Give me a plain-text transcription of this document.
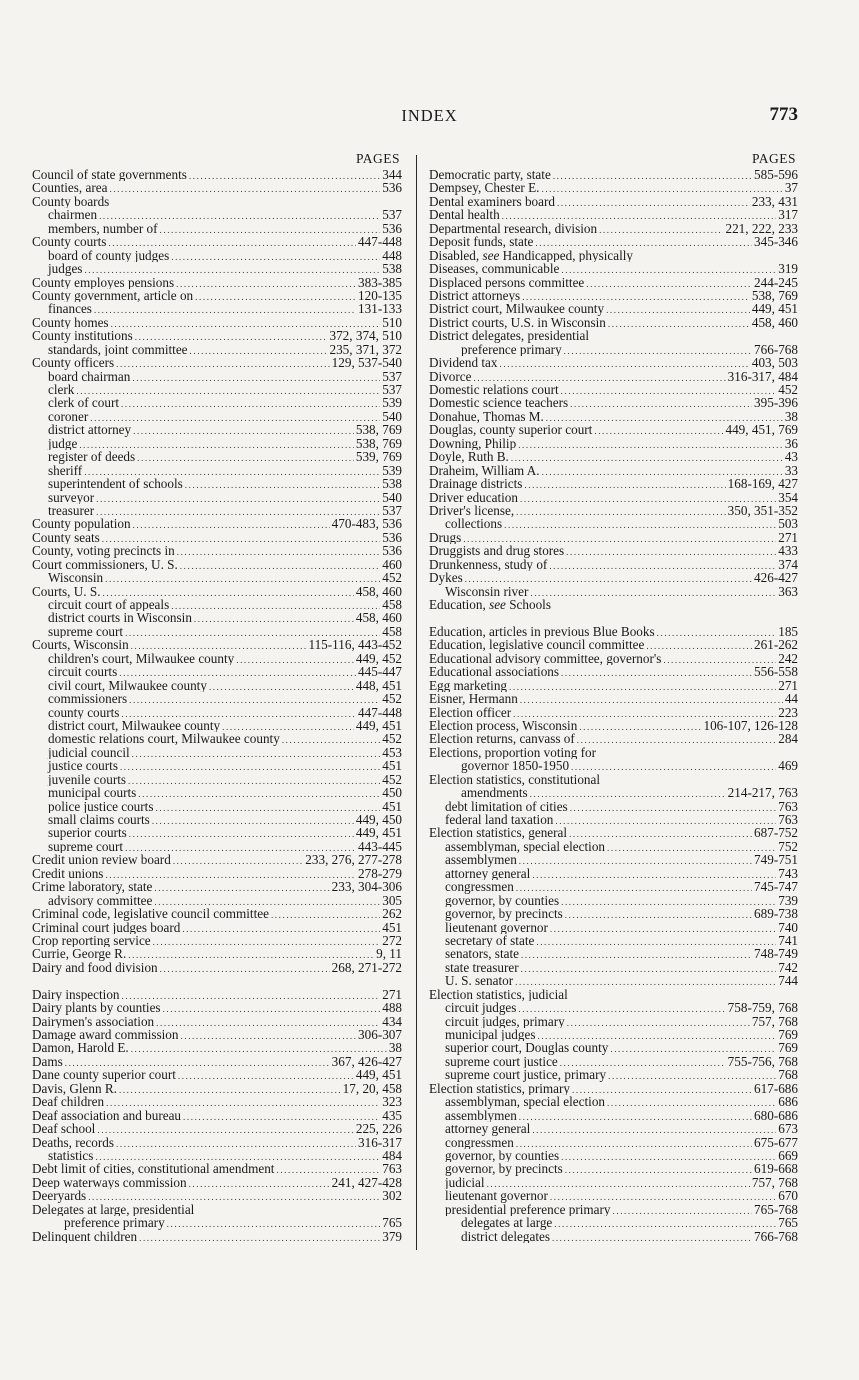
INDEX	773
PAGES
Council of state governments .....	344
Counties, area .....	536
County boards
chairmen .....	537
members, number of .....	536
County courts .....	447-448
board of county judges .....	448
judges .....	538
County employes pensions .....	383-385
County government, article on .....	120-135
finances .....	131-133
County homes .....	510
County institutions .....	372, 374, 510
standards, joint committee .....	235, 371, 372
County officers .....	129, 537-540
board chairman .....	537
clerk .....	537
clerk of court .....	539
coroner .....	540
district attorney .....	538, 769
judge .....	538, 769
register of deeds .....	539, 769
sheriff .....	539
superintendent of schools .....	538
surveyor .....	540
treasurer .....	537
County population .....	470-483, 536
County seats .....	536
County, voting precincts in .....	536
Court commissioners, U. S. .....	460
Wisconsin .....	452
Courts, U. S. .....	458, 460
circuit court of appeals .....	458
district courts in Wisconsin .....	458, 460
supreme court .....	458
Courts, Wisconsin .....	115-116, 443-452
children's court, Milwaukee county .....	449, 452
circuit courts .....	445-447
civil court, Milwaukee county .....	448, 451
commissioners .....	452
county courts .....	447-448
district court, Milwaukee county .....	449, 451
domestic relations court, Milwaukee county .....	452
judicial council .....	453
justice courts .....	451
juvenile courts .....	452
municipal courts .....	450
police justice courts .....	451
small claims courts .....	449, 450
superior courts .....	449, 451
supreme court .....	443-445
Credit union review board .....	233, 276, 277-278
Credit unions .....	278-279
Crime laboratory, state .....	233, 304-306
advisory committee .....	305
Criminal code, legislative council committee .....	262
Criminal court judges board .....	451
Crop reporting service .....	272
Currie, George R. .....	9, 11
Dairy and food division .....	268, 271-272
Dairy inspection .....	271
Dairy plants by counties .....	488
Dairymen's association .....	434
Damage award commission .....	306-307
Damon, Harold E. .....	38
Dams .....	367, 426-427
Dane county superior court .....	449, 451
Davis, Glenn R. .....	17, 20, 458
Deaf children .....	323
Deaf association and bureau .....	435
Deaf school .....	225, 226
Deaths, records .....	316-317
statistics .....	484
Debt limit of cities, constitutional amendment .....	763
Deep waterways commission .....	241, 427-428
Deeryards .....	302
Delegates at large, presidential
preference primary .....	765
Delinquent children .....	379
PAGES
Democratic party, state .....	585-596
Dempsey, Chester E. .....	37
Dental examiners board .....	233, 431
Dental health .....	317
Departmental research, division .....	221, 222, 233
Deposit funds, state .....	345-346
Disabled, see Handicapped, physically
Diseases, communicable .....	319
Displaced persons committee .....	244-245
District attorneys .....	538, 769
District court, Milwaukee county .....	449, 451
District courts, U.S. in Wisconsin .....	458, 460
District delegates, presidential
preference primary .....	766-768
Dividend tax .....	403, 503
Divorce .....	316-317, 484
Domestic relations court .....	452
Domestic science teachers .....	395-396
Donahue, Thomas M. .....	38
Douglas, county superior court .....	449, 451, 769
Downing, Philip .....	36
Doyle, Ruth B. .....	43
Draheim, William A. .....	33
Drainage districts .....	168-169, 427
Driver education .....	354
Driver's license, .....	350, 351-352
collections .....	503
Drugs .....	271
Druggists and drug stores .....	433
Drunkenness, study of .....	374
Dykes .....	426-427
Wisconsin river .....	363
Education, see Schools
Education, articles in previous Blue Books .....	185
Education, legislative council committee .....	261-262
Educational advisory committee, governor's .....	242
Educational associations .....	556-558
Egg marketing .....	271
Eisner, Hermann .....	44
Election officer .....	223
Election process, Wisconsin .....	106-107, 126-128
Election returns, canvass of .....	284
Elections, proportion voting for
governor 1850-1950 .....	469
Election statistics, constitutional
amendments .....	214-217, 763
debt limitation of cities .....	763
federal land taxation .....	763
Election statistics, general .....	687-752
assemblyman, special election .....	752
assemblymen .....	749-751
attorney general .....	743
congressmen .....	745-747
governor, by counties .....	739
governor, by precincts .....	689-738
lieutenant governor .....	740
secretary of state .....	741
senators, state .....	748-749
state treasurer .....	742
U. S. senator .....	744
Election statistics, judicial
circuit judges .....	758-759, 768
circuit judges, primary .....	757, 768
municipal judges .....	769
superior court, Douglas county .....	769
supreme court justice .....	755-756, 768
supreme court justice, primary .....	768
Election statistics, primary .....	617-686
assemblyman, special election .....	686
assemblymen .....	680-686
attorney general .....	673
congressmen .....	675-677
governor, by counties .....	669
governor, by precincts .....	619-668
judicial .....	757, 768
lieutenant governor .....	670
presidential preference primary .....	765-768
delegates at large .....	765
district delegates .....	766-768
